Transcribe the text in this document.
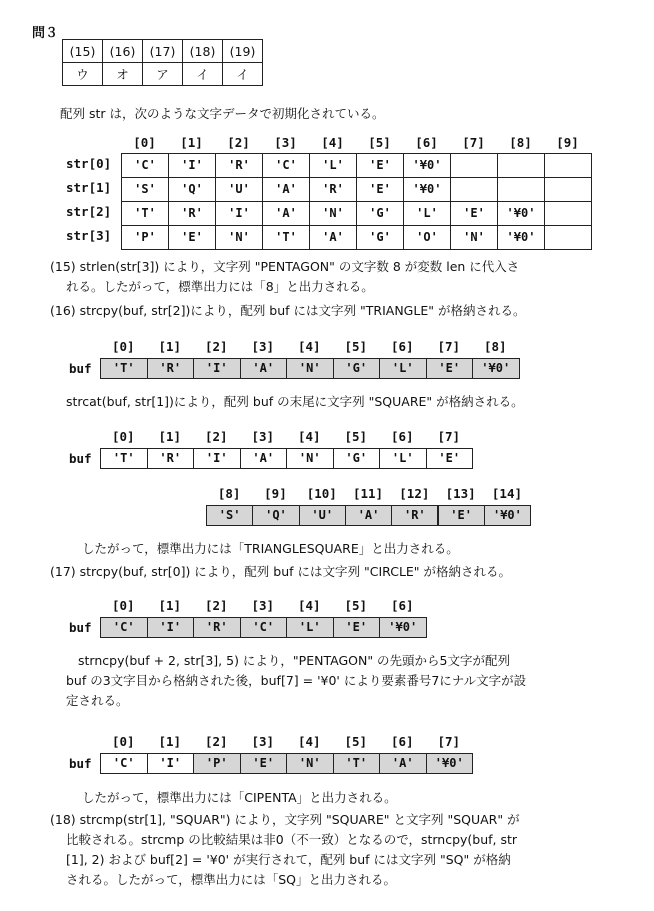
問３
(15)	(16)	(17)	(18)	(19)
ウ	オ	ア	イ	イ
配列 str は，次のような文字データで初期化されている。
[0]	[1]	[2]	[3]	[4]	[5]	[6]	[7]	[8]	[9]
str[0]	'C'	'I'	'R'	'C'	'L'	'E'	'¥0'
str[1]	'S'	'Q'	'U'	'A'	'R'	'E'	'¥0'
str[2]	'T'	'R'	'I'	'A'	'N'	'G'	'L'	'E'	'¥0'
str[3]	'P'	'E'	'N'	'T'	'A'	'G'	'O'	'N'	'¥0'
(15) strlen(str[3]) により，文字列 "PENTAGON" の文字数 8 が変数 len に代入さ
れる。したがって，標準出力には「8」と出力される。
(16) strcpy(buf, str[2])により，配列 buf には文字列 "TRIANGLE" が格納される。
buf
[0]	[1]	[2]	[3]	[4]	[5]	[6]	[7]	[8]
'T'	'R'	'I'	'A'	'N'	'G'	'L'	'E'	'¥0'
strcat(buf, str[1])により，配列 buf の末尾に文字列 "SQUARE" が格納される。
buf
[0]	[1]	[2]	[3]	[4]	[5]	[6]	[7]
'T'	'R'	'I'	'A'	'N'	'G'	'L'	'E'
[8]	[9]	[10]	[11]	[12]	[13]	[14]
'S'	'Q'	'U'	'A'	'R'	'E'	'¥0'
したがって，標準出力には「TRIANGLESQUARE」と出力される。
(17) strcpy(buf, str[0]) により，配列 buf には文字列 "CIRCLE" が格納される。
buf
[0]	[1]	[2]	[3]	[4]	[5]	[6]
'C'	'I'	'R'	'C'	'L'	'E'	'¥0'
strncpy(buf + 2, str[3], 5) により，"PENTAGON" の先頭から5文字が配列
buf の3文字目から格納された後，buf[7] = '¥0' により要素番号7にナル文字が設
定される。
buf
[0]	[1]	[2]	[3]	[4]	[5]	[6]	[7]
'C'	'I'	'P'	'E'	'N'	'T'	'A'	'¥0'
したがって，標準出力には「CIPENTA」と出力される。
(18) strcmp(str[1], "SQUAR") により，文字列 "SQUARE" と文字列 "SQUAR" が
比較される。strcmp の比較結果は非0（不一致）となるので，strncpy(buf, str
[1], 2) および buf[2] = '¥0' が実行されて，配列 buf には文字列 "SQ" が格納
される。したがって，標準出力には「SQ」と出力される。
